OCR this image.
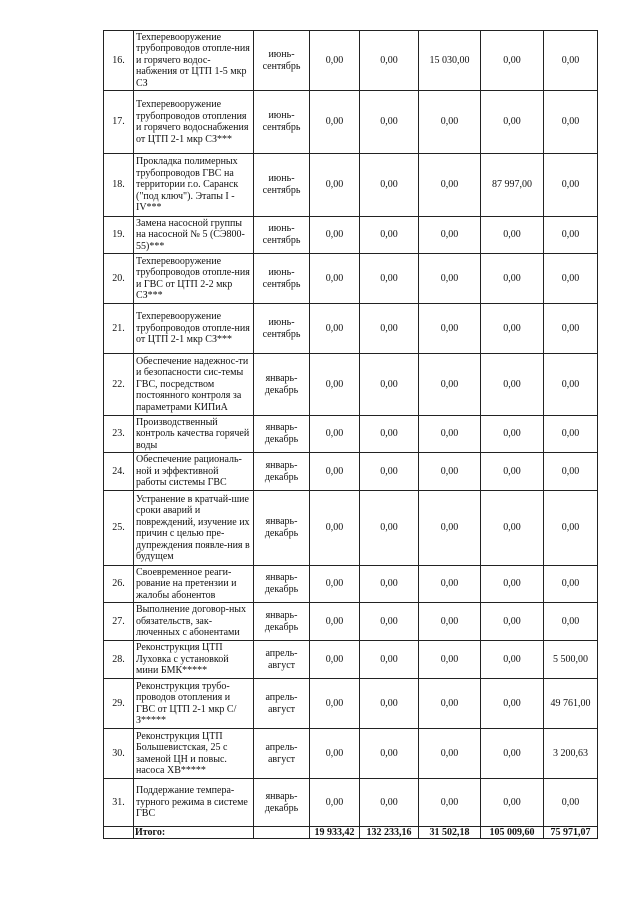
16.	Техперевооружение трубопроводов отопле-ния и горячего водос-набжения от ЦТП 1-5 мкр СЗ	июнь-сентябрь	0,00	0,00	15 030,00	0,00	0,00
17.	Техперевооружение трубопроводов отопления и горячего водоснабжения от ЦТП 2-1 мкр СЗ***	июнь-сентябрь	0,00	0,00	0,00	0,00	0,00
18.	Прокладка полимерных трубопроводов ГВС на территории г.о. Саранск ("под ключ"). Этапы I - IV***	июнь-сентябрь	0,00	0,00	0,00	87 997,00	0,00
19.	Замена насосной группы на насосной № 5 (СЭ800-55)***	июнь-сентябрь	0,00	0,00	0,00	0,00	0,00
20.	Техперевооружение трубопроводов отопле-ния и ГВС от ЦТП 2-2 мкр СЗ***	июнь-сентябрь	0,00	0,00	0,00	0,00	0,00
21.	Техперевооружение трубопроводов отопле-ния от ЦТП 2-1 мкр СЗ***	июнь-сентябрь	0,00	0,00	0,00	0,00	0,00
22.	Обеспечение надежнос-ти и безопасности сис-темы ГВС, посредством постоянного контроля за параметрами КИПиА	январь-декабрь	0,00	0,00	0,00	0,00	0,00
23.	Производственный контроль качества горячей воды	январь-декабрь	0,00	0,00	0,00	0,00	0,00
24.	Обеспечение рациональ-ной и эффективной работы системы ГВС	январь-декабрь	0,00	0,00	0,00	0,00	0,00
25.	Устранение в кратчай-шие сроки аварий и повреждений, изучение их причин с целью пре-дупреждения появле-ния в будущем	январь-декабрь	0,00	0,00	0,00	0,00	0,00
26.	Своевременное реаги-рование на претензии и жалобы абонентов	январь-декабрь	0,00	0,00	0,00	0,00	0,00
27.	Выполнение договор-ных обязательств, зак-люченных с абонентами	январь-декабрь	0,00	0,00	0,00	0,00	0,00
28.	Реконструкция ЦТП Луховка с установкой мини БМК*****	апрель-август	0,00	0,00	0,00	0,00	5 500,00
29.	Реконструкция трубо-проводов отопления и ГВС от ЦТП 2-1 мкр С/З*****	апрель-август	0,00	0,00	0,00	0,00	49 761,00
30.	Реконструкция ЦТП Большевистская, 25 с заменой ЦН и повыс. насоса ХВ*****	апрель-август	0,00	0,00	0,00	0,00	3 200,63
31.	Поддержание темпера-турного режима в системе ГВС	январь-декабрь	0,00	0,00	0,00	0,00	0,00
	Итого:		19 933,42	132 233,16	31 502,18	105 009,60	75 971,07
